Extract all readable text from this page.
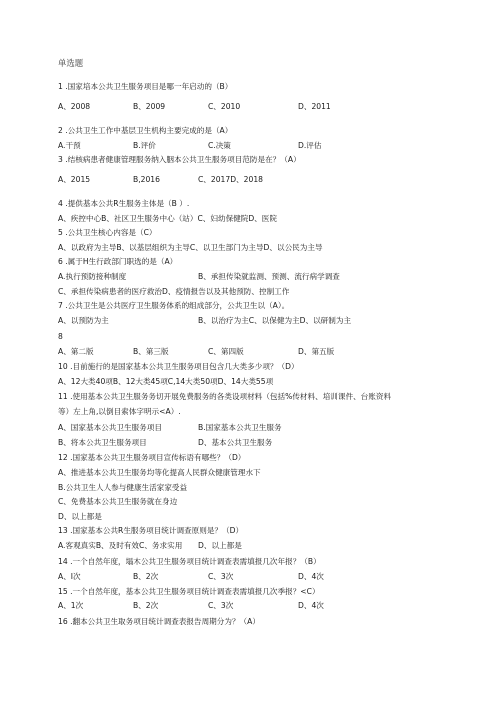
单选题
1 .国家培本公共卫生服务项目是哪一年启动的（B）
A、2008	B、2009	C、2010	D、2011
2 .公共卫生工作中基层卫生机构主要完成的是（A）
A.干预	B.评价	C.决策	D.评估
3 .结核病患者健康管理服务纳入胭本公共卫生服务项目范防是在？（A）
A、2015	B,2016	C、2017D、2018
4 .提供基本公共R生服务主体是（B ）.
A、疾控中心B、社区卫生服务中心（站）C、妇幼保健院D、医院
5 .公共卫生核心内容是（C）
A、以政府为主导B、以基层组织为主导C、以卫生部门为主导D、以公民为主导
6 .属于H生行政部门职选的是（A）
A.执行预防接种制度	B、承担传染就监测、预测、流行病学调查
C、承担传染病患者的医疗救治D、疫情报告以及其他预防、控制工作
7 .公共卫生是公共医疗卫生服务体系的组成部分，公共卫生以（A）。
A、以预防为主	B、以治疗为主C、以保健为主D、以研制为主
8
A、第二版	B、第三版	C、第四版	D、第五版
10 .目前施行的是国家基本公共卫生服务项目包含几大类多少项？（D）
A、12大类40项B、12大类45项C,14大类50项D、14大类55项
11 .使用基本公共卫生服务务切开展免费服务的各类设项材料（包括%传材料、培训课件、台账资料
等）左上角,以倒目索体字明示<A）.
A、国家基本公共卫生服务项目	B.国家基本公共卫生服务
B、将本公共卫生服务项目	D、基本公共卫生服务
12 .国家基本公共卫生服务项目宣传标语有哪些？（D）
A、推进基本公共卫生服务均等化提高人民群众健康管理水下
B.公共卫生人人参与健康生活家家受益
C、免费基本公共卫生服务就在身边
D、以上都是
13 .国家基本公共R生服务项目统计调查原则是？（D）
A.客观真实B、及时有效C、务求实用 D、以上都是
14 .一个自然年度，塌木公共卫生服务项目统计调查表需填报几次年报？（B）
A、I次	B、2次	C、3次	D、4次
15 .一个自然年度，基本公共卫生服务项目统计调查表需填报几次季报？<C）
A、1次	B、2次	C、3次	D、4次
16 .翻本公共卫生取务项目统计调查表报告周期分为？（A）
